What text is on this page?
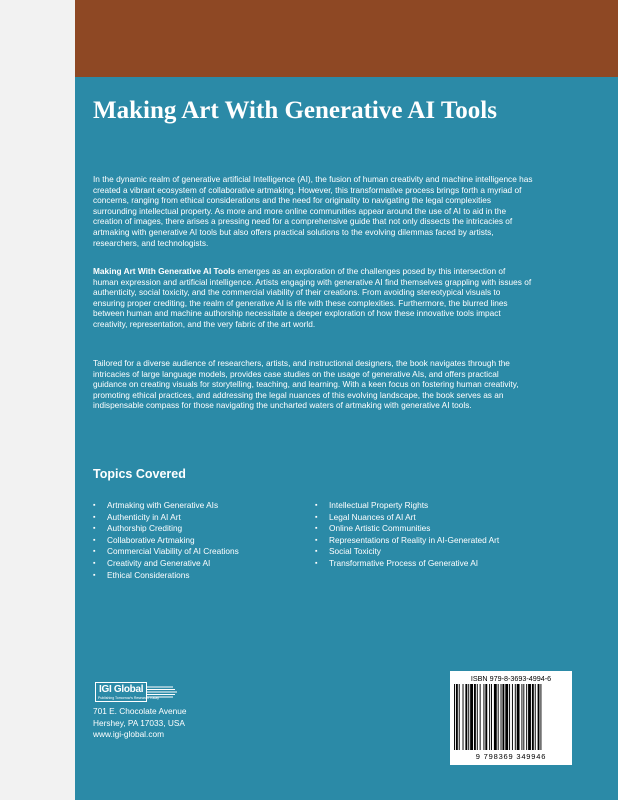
Making Art With Generative AI Tools

In the dynamic realm of generative artificial Intelligence (AI), the fusion of human creativity and machine intelligence has created a vibrant ecosystem of collaborative artmaking. However, this transformative process brings forth a myriad of concerns, ranging from ethical considerations and the need for originality to navigating the legal complexities surrounding intellectual property. As more and more online communities appear around the use of AI to aid in the creation of images, there arises a pressing need for a comprehensive guide that not only dissects the intricacies of artmaking with generative AI tools but also offers practical solutions to the evolving dilemmas faced by artists, researchers, and technologists.

Making Art With Generative AI Tools emerges as an exploration of the challenges posed by this intersection of human expression and artificial intelligence. Artists engaging with generative AI find themselves grappling with issues of authenticity, social toxicity, and the commercial viability of their creations. From avoiding stereotypical visuals to ensuring proper crediting, the realm of generative AI is rife with these complexities. Furthermore, the blurred lines between human and machine authorship necessitate a deeper exploration of how these innovative tools impact creativity, representation, and the very fabric of the art world.

Tailored for a diverse audience of researchers, artists, and instructional designers, the book navigates through the intricacies of large language models, provides case studies on the usage of generative AIs, and offers practical guidance on creating visuals for storytelling, teaching, and learning. With a keen focus on fostering human creativity, promoting ethical practices, and addressing the legal nuances of this evolving landscape, the book serves as an indispensable compass for those navigating the uncharted waters of artmaking with generative AI tools.

Topics Covered
▪ Artmaking with Generative AIs
▪ Authenticity in AI Art
▪ Authorship Crediting
▪ Collaborative Artmaking
▪ Commercial Viability of AI Creations
▪ Creativity and Generative AI
▪ Ethical Considerations
▪ Intellectual Property Rights
▪ Legal Nuances of AI Art
▪ Online Artistic Communities
▪ Representations of Reality in AI-Generated Art
▪ Social Toxicity
▪ Transformative Process of Generative AI
IGI Global
Publishing Tomorrow's Research Today
701 E. Chocolate Avenue
Hershey, PA 17033, USA
www.igi-global.com
ISBN 979-8-3693-4994-6
9 798369 349946
